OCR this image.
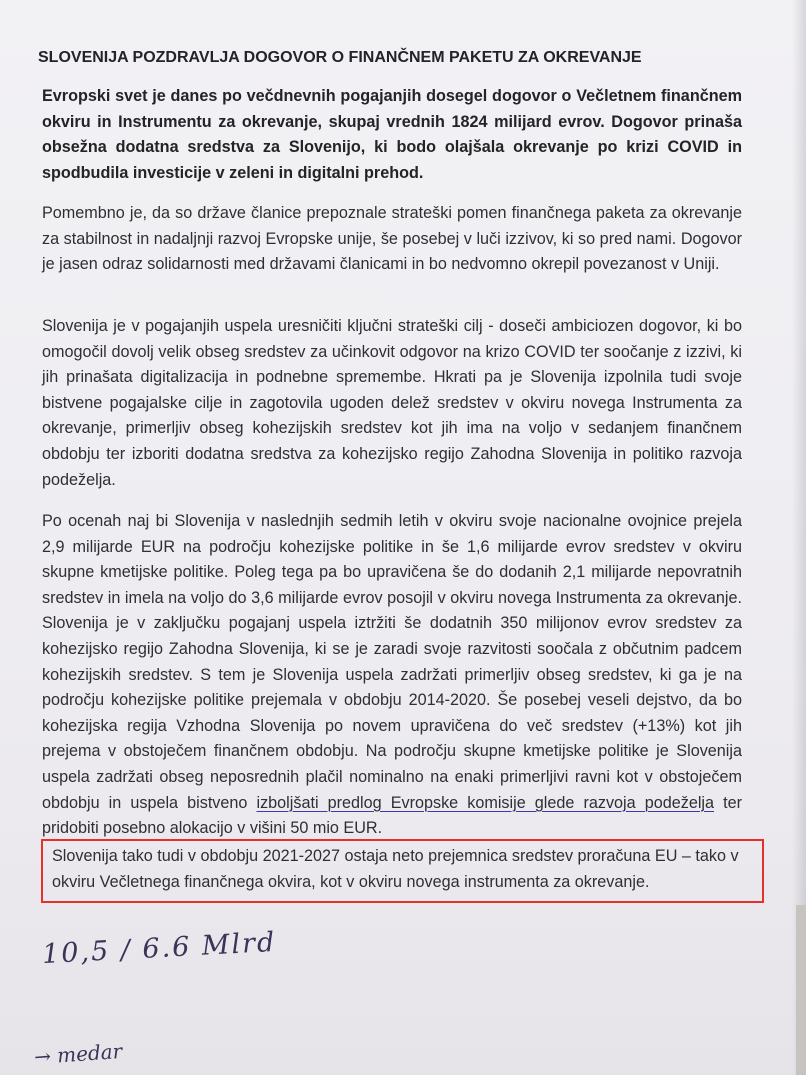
SLOVENIJA POZDRAVLJA DOGOVOR O FINANČNEM PAKETU ZA OKREVANJE
Evropski svet je danes po večdnevnih pogajanjih dosegel dogovor o Večletnem finančnem okviru in Instrumentu za okrevanje, skupaj vrednih 1824 milijard evrov. Dogovor prinaša obsežna dodatna sredstva za Slovenijo, ki bodo olajšala okrevanje po krizi COVID in spodbudila investicije v zeleni in digitalni prehod.
Pomembno je, da so države članice prepoznale strateški pomen finančnega paketa za okrevanje za stabilnost in nadaljnji razvoj Evropske unije, še posebej v luči izzivov, ki so pred nami. Dogovor je jasen odraz solidarnosti med državami članicami in bo nedvomno okrepil povezanost v Uniji.
Slovenija je v pogajanjih uspela uresničiti ključni strateški cilj - doseči ambiciozen dogovor, ki bo omogočil dovolj velik obseg sredstev za učinkovit odgovor na krizo COVID ter soočanje z izzivi, ki jih prinašata digitalizacija in podnebne spremembe. Hkrati pa je Slovenija izpolnila tudi svoje bistvene pogajalske cilje in zagotovila ugoden delež sredstev v okviru novega Instrumenta za okrevanje, primerljiv obseg kohezijskih sredstev kot jih ima na voljo v sedanjem finančnem obdobju ter izboriti dodatna sredstva za kohezijsko regijo Zahodna Slovenija in politiko razvoja podeželja.
Po ocenah naj bi Slovenija v naslednjih sedmih letih v okviru svoje nacionalne ovojnice prejela 2,9 milijarde EUR na področju kohezijske politike in še 1,6 milijarde evrov sredstev v okviru skupne kmetijske politike. Poleg tega pa bo upravičena še do dodanih 2,1 milijarde nepovratnih sredstev in imela na voljo do 3,6 milijarde evrov posojil v okviru novega Instrumenta za okrevanje. Slovenija je v zaključku pogajanj uspela iztržiti še dodatnih 350 milijonov evrov sredstev za kohezijsko regijo Zahodna Slovenija, ki se je zaradi svoje razvitosti soočala z občutnim padcem kohezijskih sredstev. S tem je Slovenija uspela zadržati primerljiv obseg sredstev, ki ga je na področju kohezijske politike prejemala v obdobju 2014-2020. Še posebej veseli dejstvo, da bo kohezijska regija Vzhodna Slovenija po novem upravičena do več sredstev (+13%) kot jih prejema v obstoječem finančnem obdobju. Na področju skupne kmetijske politike je Slovenija uspela zadržati obseg neposrednih plačil nominalno na enaki primerljivi ravni kot v obstoječem obdobju in uspela bistveno izboljšati predlog Evropske komisije glede razvoja podeželja ter pridobiti posebno alokacijo v višini 50 mio EUR.
Slovenija tako tudi v obdobju 2021-2027 ostaja neto prejemnica sredstev proračuna EU – tako v okviru Večletnega finančnega okvira, kot v okviru novega instrumenta za okrevanje.
10,5 / 6.6 Mlrd
→ medar
